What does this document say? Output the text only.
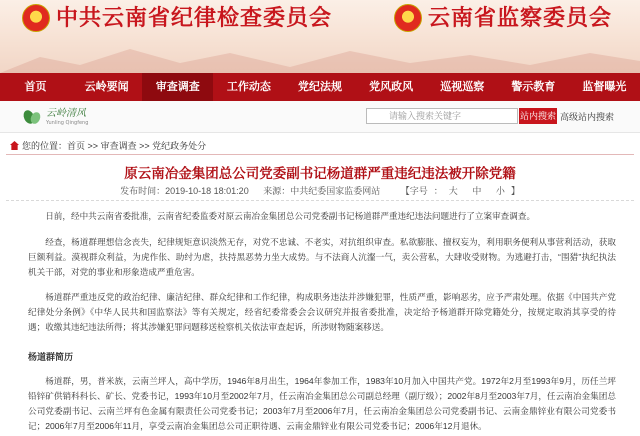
中共云南省纪律检查委员会	云南省监察委员会
首页	云岭要闻	审查调查	工作动态	党纪法规	党风政风	巡视巡察	警示教育	监督曝光
云岭清风
Yunling Qingfeng
请输入搜索关键字	站内搜索 高级站内搜索
您的位置：首页 >> 审查调查 >> 党纪政务处分
原云南冶金集团总公司党委副书记杨道群严重违纪违法被开除党籍
发布时间：2019-10-18 18:01:20 来源：中共纪委国家监委网站 【字号 ： 大 中 小 】
日前，经中共云南省委批准，云南省纪委监委对原云南冶金集团总公司党委副书记杨道群严重违纪违法问题进行了立案审查调查。
经查，杨道群理想信念丧失，纪律规矩意识淡然无存，对党不忠诚、不老实，对抗组织审查。私欲膨胀、擅权妄为，利用职务便利从事营利活动，获取巨额利益。漠视群众利益，为虎作伥、助纣为虐，扶持黑恶势力坐大成势。与不法商人沆瀣一气，卖公营私，大肆收受财物。为逃避打击，“围猎”执纪执法机关干部，对党的事业和形象造成严重危害。
杨道群严重违反党的政治纪律、廉洁纪律、群众纪律和工作纪律，构成职务违法并涉嫌犯罪，性质严重，影响恶劣，应予严肃处理。依据《中国共产党纪律处分条例》《中华人民共和国监察法》等有关规定，经省纪委常委会会议研究并报省委批准，决定给予杨道群开除党籍处分，按规定取消其享受的待遇；收缴其违纪违法所得；将其涉嫌犯罪问题移送检察机关依法审查起诉，所涉财物随案移送。
杨道群简历
杨道群，男，普米族，云南兰坪人，高中学历，1946年8月出生，1964年参加工作，1983年10月加入中国共产党。1972年2月至1993年9月，历任兰坪铅锌矿供销科科长、矿长、党委书记，1993年10月至2002年7月，任云南冶金集团总公司副总经理（副厅级）；2002年8月至2003年7月，任云南冶金集团总公司党委副书记、云南兰坪有色金属有限责任公司党委书记；2003年7月至2006年7月，任云南冶金集团总公司党委副书记、云南金鼎锌业有限公司党委书记；2006年7月至2006年11月，享受云南冶金集团总公司正职待遇、云南金鼎锌业有限公司党委书记；2006年12月退休。
